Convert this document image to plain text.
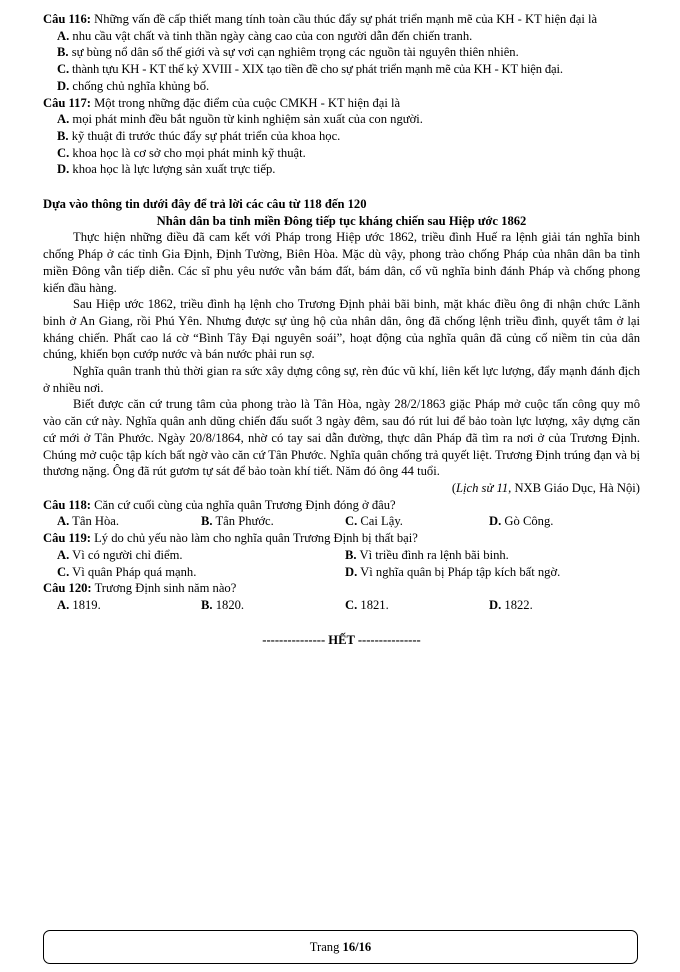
Câu 116: Những vấn đề cấp thiết mang tính toàn cầu thúc đẩy sự phát triển mạnh mẽ của KH - KT hiện đại là

A. nhu cầu vật chất và tinh thần ngày càng cao của con người dẫn đến chiến tranh.

B. sự bùng nổ dân số thế giới và sự vơi cạn nghiêm trọng các nguồn tài nguyên thiên nhiên.

C. thành tựu KH - KT thế kỷ XVIII - XIX tạo tiền đề cho sự phát triển mạnh mẽ của KH - KT hiện đại.

D. chống chủ nghĩa khủng bố.

Câu 117: Một trong những đặc điểm của cuộc CMKH - KT hiện đại là

A. mọi phát minh đều bắt nguồn từ kinh nghiệm sản xuất của con người.

B. kỹ thuật đi trước thúc đẩy sự phát triển của khoa học.

C. khoa học là cơ sở cho mọi phát minh kỹ thuật.

D. khoa học là lực lượng sản xuất trực tiếp.

Dựa vào thông tin dưới đây để trả lời các câu từ 118 đến 120

Nhân dân ba tỉnh miền Đông tiếp tục kháng chiến sau Hiệp ước 1862

Thực hiện những điều đã cam kết với Pháp trong Hiệp ước 1862, triều đình Huế ra lệnh giải tán nghĩa binh chống Pháp ở các tỉnh Gia Định, Định Tường, Biên Hòa. Mặc dù vậy, phong trào chống Pháp của nhân dân ba tỉnh miền Đông vẫn tiếp diễn. Các sĩ phu yêu nước vẫn bám đất, bám dân, cổ vũ nghĩa binh đánh Pháp và chống phong kiến đầu hàng.

Sau Hiệp ước 1862, triều đình hạ lệnh cho Trương Định phải bãi binh, mặt khác điều ông đi nhận chức Lãnh binh ở An Giang, rồi Phú Yên. Nhưng được sự ủng hộ của nhân dân, ông đã chống lệnh triều đình, quyết tâm ở lại kháng chiến. Phất cao lá cờ “Bình Tây Đại nguyên soái”, hoạt động của nghĩa quân đã củng cố niềm tin của dân chúng, khiến bọn cướp nước và bán nước phải run sợ.

Nghĩa quân tranh thủ thời gian ra sức xây dựng công sự, rèn đúc vũ khí, liên kết lực lượng, đẩy mạnh đánh địch ở nhiều nơi.

Biết được căn cứ trung tâm của phong trào là Tân Hòa, ngày 28/2/1863 giặc Pháp mở cuộc tấn công quy mô vào căn cứ này. Nghĩa quân anh dũng chiến đấu suốt 3 ngày đêm, sau đó rút lui để bảo toàn lực lượng, xây dựng căn cứ mới ở Tân Phước. Ngày 20/8/1864, nhờ có tay sai dẫn đường, thực dân Pháp đã tìm ra nơi ở của Trương Định. Chúng mở cuộc tập kích bất ngờ vào căn cứ Tân Phước. Nghĩa quân chống trả quyết liệt. Trương Định trúng đạn và bị thương nặng. Ông đã rút gươm tự sát để bảo toàn khí tiết. Năm đó ông 44 tuổi.

(Lịch sử 11, NXB Giáo Dục, Hà Nội)

Câu 118: Căn cứ cuối cùng của nghĩa quân Trương Định đóng ở đâu?

A. Tân Hòa.	B. Tân Phước.	C. Cai Lậy.	D. Gò Công.

Câu 119: Lý do chủ yếu nào làm cho nghĩa quân Trương Định bị thất bại?

A. Vì có người chỉ điểm.	B. Vì triều đình ra lệnh bãi binh.
C. Vì quân Pháp quá mạnh.	D. Vì nghĩa quân bị Pháp tập kích bất ngờ.

Câu 120: Trương Định sinh năm nào?

A. 1819.	B. 1820.	C. 1821.	D. 1822.

--------------- HẾT ---------------

Trang 16/16
